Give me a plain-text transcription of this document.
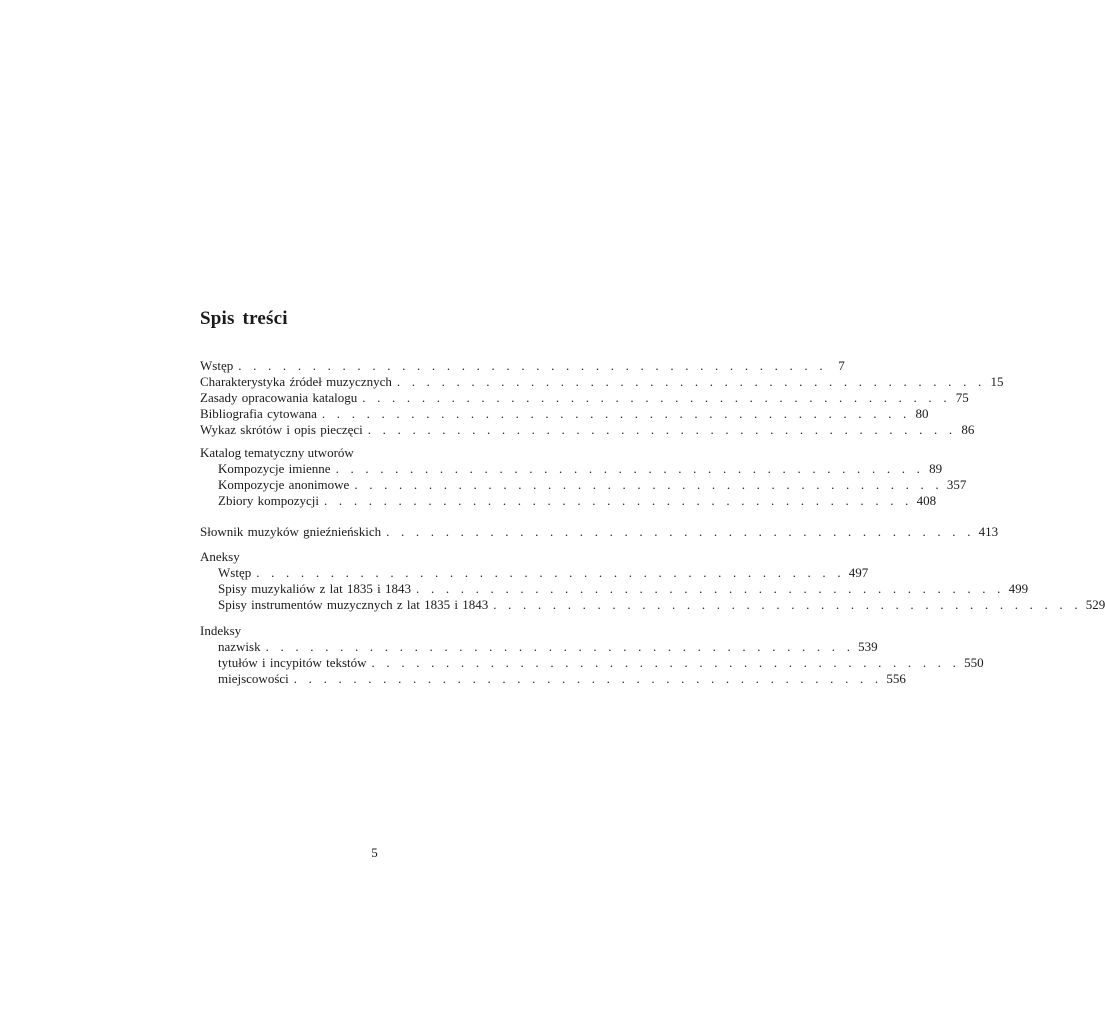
Spis treści
Wstęp . . . . . . . . . . . . . . . . . . . . . . . . . . . . . . . . . . . . . . . . 7
Charakterystyka źródeł muzycznych . . . . . . . . . . . . . . . . . . . . . . . . . . . . . . . . . . . . . . . . 15
Zasady opracowania katalogu . . . . . . . . . . . . . . . . . . . . . . . . . . . . . . . . . . . . . . . . 75
Bibliografia cytowana . . . . . . . . . . . . . . . . . . . . . . . . . . . . . . . . . . . . . . . . 80
Wykaz skrótów i opis pieczęci . . . . . . . . . . . . . . . . . . . . . . . . . . . . . . . . . . . . . . . . 86
Katalog tematyczny utworów
Kompozycje imienne . . . . . . . . . . . . . . . . . . . . . . . . . . . . . . . . . . . . . . . . 89
Kompozycje anonimowe . . . . . . . . . . . . . . . . . . . . . . . . . . . . . . . . . . . . . . . . 357
Zbiory kompozycji . . . . . . . . . . . . . . . . . . . . . . . . . . . . . . . . . . . . . . . . 408
Słownik muzyków gnieźnieńskich . . . . . . . . . . . . . . . . . . . . . . . . . . . . . . . . . . . . . . . . 413
Aneksy
Wstęp . . . . . . . . . . . . . . . . . . . . . . . . . . . . . . . . . . . . . . . . 497
Spisy muzykaliów z lat 1835 i 1843 . . . . . . . . . . . . . . . . . . . . . . . . . . . . . . . . . . . . . . . . 499
Spisy instrumentów muzycznych z lat 1835 i 1843 . . . . . . . . . . . . . . . . . . . . . . . . . . . . . . . . . . . . . . . . 529
Indeksy
nazwisk . . . . . . . . . . . . . . . . . . . . . . . . . . . . . . . . . . . . . . . . 539
tytułów i incypitów tekstów . . . . . . . . . . . . . . . . . . . . . . . . . . . . . . . . . . . . . . . . 550
miejscowości . . . . . . . . . . . . . . . . . . . . . . . . . . . . . . . . . . . . . . . . 556
5
